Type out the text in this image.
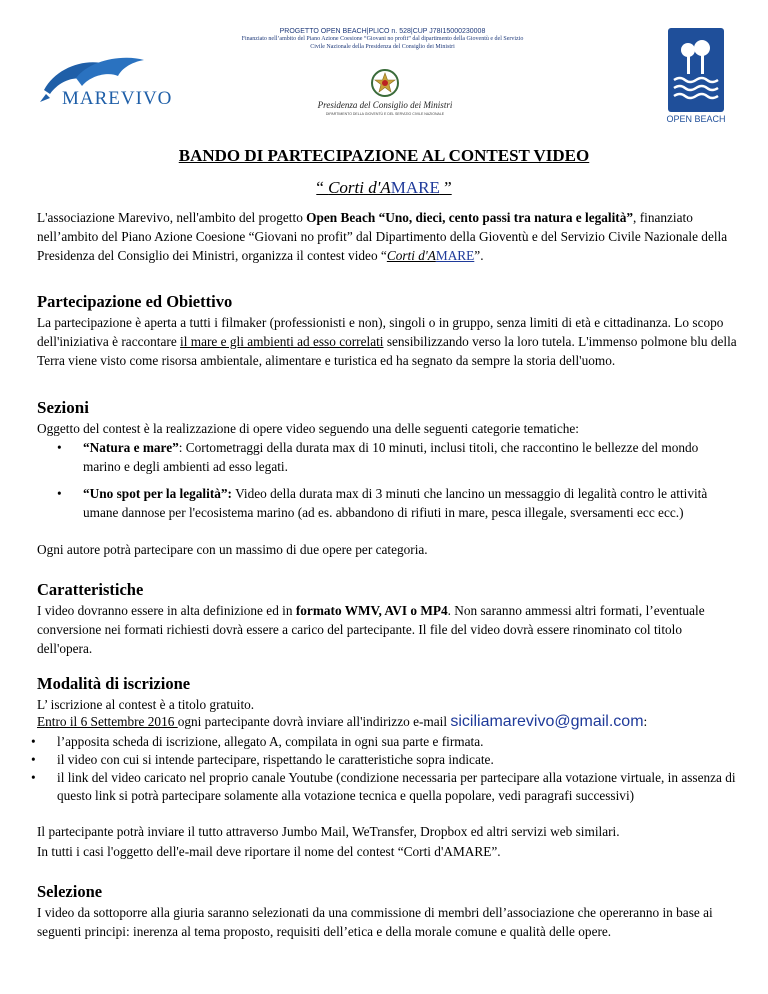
MAREVIVO
PROGETTO OPEN BEACH|PLICO n. 528|CUP J78I15000230008
Finanziato nell’ambito del Piano Azione Coesione “Giovani no profit” dal dipartimento della Gioventù e del Servizio
Civile Nazionale della Presidenza del Consiglio dei Ministri
Presidenza del Consiglio dei Ministri
DIPARTIMENTO DELLA GIOVENTÙ E DEL SERVIZIO CIVILE NAZIONALE	OPEN BEACH
BANDO DI PARTECIPAZIONE AL CONTEST VIDEO
“ Corti d'AMARE ”
L'associazione Marevivo, nell'ambito del progetto Open Beach “Uno, dieci, cento passi tra natura e legalità”, finanziato nell’ambito del Piano Azione Coesione “Giovani no profit” dal Dipartimento della Gioventù e del Servizio Civile Nazionale della Presidenza del Consiglio dei Ministri, organizza il contest video “Corti d'AMARE”.
Partecipazione ed Obiettivo
La partecipazione è aperta a tutti i filmaker (professionisti e non), singoli o in gruppo, senza limiti di età e cittadinanza. Lo scopo dell'iniziativa è raccontare il mare e gli ambienti ad esso correlati sensibilizzando verso la loro tutela. L'immenso polmone blu della Terra viene visto come risorsa ambientale, alimentare e turistica ed ha segnato da sempre la storia dell'uomo.
Sezioni
Oggetto del contest è la realizzazione di opere video seguendo una delle seguenti categorie tematiche:
• “Natura e mare”: Cortometraggi della durata max di 10 minuti, inclusi titoli, che raccontino le bellezze del mondo marino e degli ambienti ad esso legati.
• “Uno spot per la legalità”: Video della durata max di 3 minuti che lancino un messaggio di legalità contro le attività umane dannose per l'ecosistema marino (ad es. abbandono di rifiuti in mare, pesca illegale, sversamenti ecc ecc.)
Ogni autore potrà partecipare con un massimo di due opere per categoria.
Caratteristiche
I video dovranno essere in alta definizione ed in formato WMV, AVI o MP4. Non saranno ammessi altri formati, l’eventuale conversione nei formati richiesti dovrà essere a carico del partecipante. Il file del video dovrà essere rinominato col titolo dell'opera.
Modalità di iscrizione
L’ iscrizione al contest è a titolo gratuito.
Entro il 6 Settembre 2016 ogni partecipante dovrà inviare all'indirizzo e-mail siciliamarevivo@gmail.com:
• l’apposita scheda di iscrizione, allegato A, compilata in ogni sua parte e firmata.
• il video con cui si intende partecipare, rispettando le caratteristiche sopra indicate.
• il link del video caricato nel proprio canale Youtube (condizione necessaria per partecipare alla votazione virtuale, in assenza di questo link si potrà partecipare solamente alla votazione tecnica e quella popolare, vedi paragrafi successivi)
Il partecipante potrà inviare il tutto attraverso Jumbo Mail, WeTransfer, Dropbox ed altri servizi web similari.
In tutti i casi l'oggetto dell'e-mail deve riportare il nome del contest “Corti d'AMARE”.
Selezione
I video da sottoporre alla giuria saranno selezionati da una commissione di membri dell’associazione che opereranno in base ai seguenti principi: inerenza al tema proposto, requisiti dell’etica e della morale comune e qualità delle opere.
